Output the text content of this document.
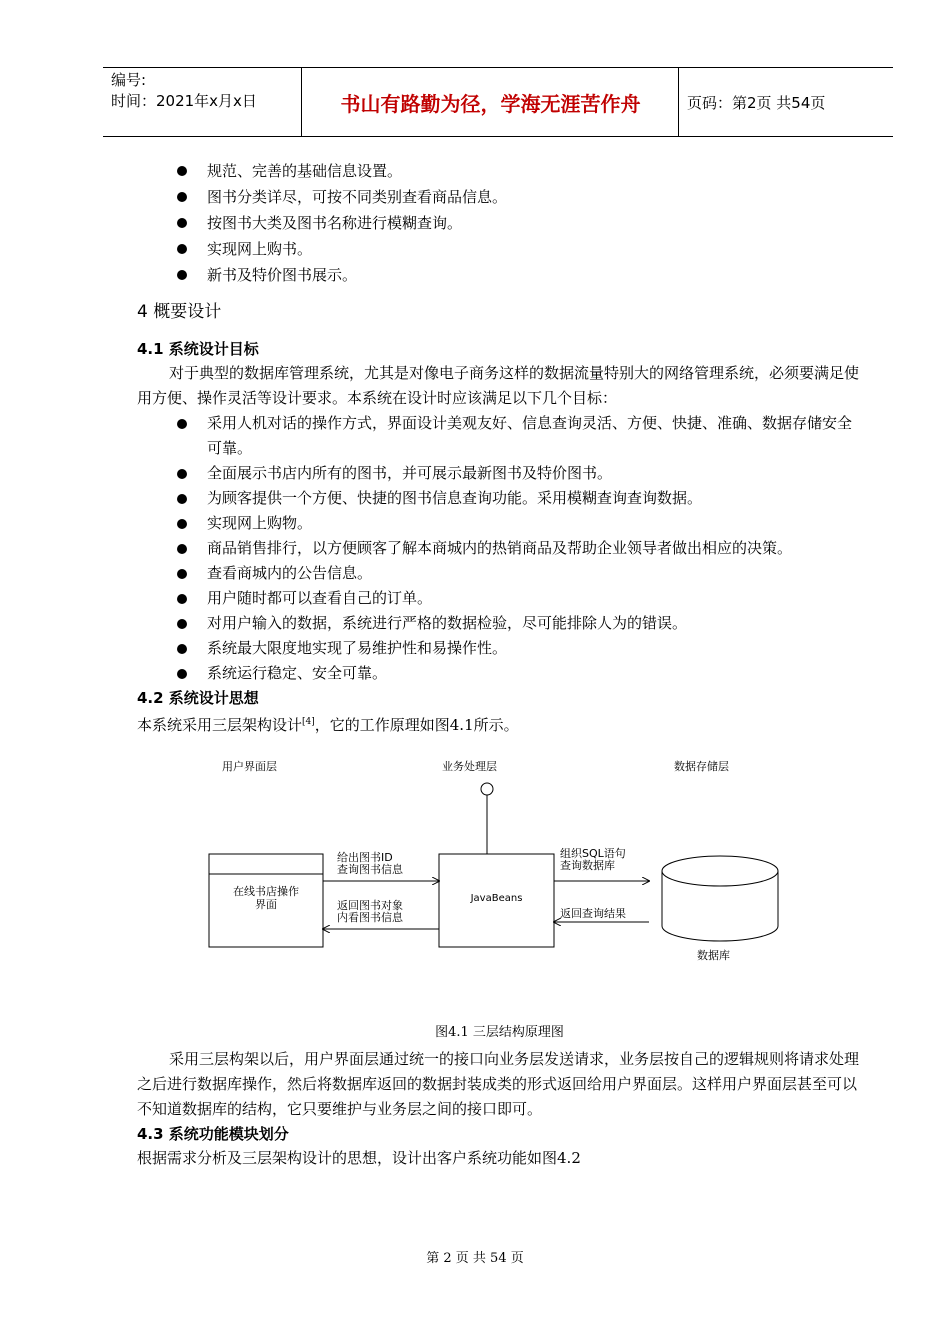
编号:
时间：2021年x月x日	书山有路勤为径，学海无涯苦作舟	页码：第2页 共54页
规范、完善的基础信息设置。
图书分类详尽，可按不同类别查看商品信息。
按图书大类及图书名称进行模糊查询。
实现网上购书。
新书及特价图书展示。
4 概要设计
4.1 系统设计目标

对于典型的数据库管理系统，尤其是对像电子商务这样的数据流量特别大的网络管理系统，必须要满足使用方便、操作灵活等设计要求。本系统在设计时应该满足以下几个目标：

采用人机对话的操作方式，界面设计美观友好、信息查询灵活、方便、快捷、准确、数据存储安全可靠。
全面展示书店内所有的图书，并可展示最新图书及特价图书。
为顾客提供一个方便、快捷的图书信息查询功能。采用模糊查询查询数据。
实现网上购物。
商品销售排行，以方便顾客了解本商城内的热销商品及帮助企业领导者做出相应的决策。
查看商城内的公告信息。
用户随时都可以查看自己的订单。
对用户输入的数据，系统进行严格的数据检验，尽可能排除人为的错误。
系统最大限度地实现了易维护性和易操作性。
系统运行稳定、安全可靠。
4.2 系统设计思想

本系统采用三层架构设计[4]，它的工作原理如图4.1所示。

用户界面层	业务处理层	数据存储层
在线书店操作
界面	JavaBeans
数据库
给出图书ID
查询图书信息
返回图书对象
内看图书信息
组织SQL语句
查询数据库
返回查询结果

图4.1 三层结构原理图

采用三层构架以后，用户界面层通过统一的接口向业务层发送请求，业务层按自己的逻辑规则将请求处理之后进行数据库操作，然后将数据库返回的数据封装成类的形式返回给用户界面层。这样用户界面层甚至可以不知道数据库的结构，它只要维护与业务层之间的接口即可。

4.3 系统功能模块划分

根据需求分析及三层架构设计的思想，设计出客户系统功能如图4.2

第 2 页 共 54 页
